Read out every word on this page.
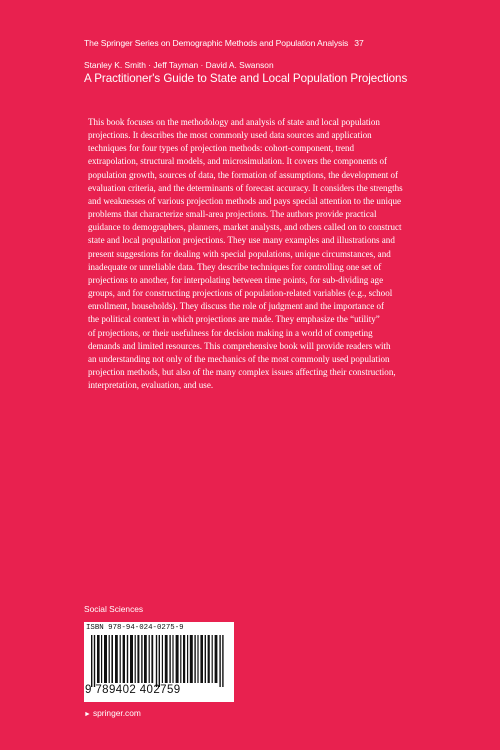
The Springer Series on Demographic Methods and Population Analysis 37
Stanley K. Smith · Jeff Tayman · David A. Swanson
A Practitioner's Guide to State and Local Population Projections
This book focuses on the methodology and analysis of state and local population
projections. It describes the most commonly used data sources and application
techniques for four types of projection methods: cohort-component, trend
extrapolation, structural models, and microsimulation. It covers the components of
population growth, sources of data, the formation of assumptions, the development of
evaluation criteria, and the determinants of forecast accuracy. It considers the strengths
and weaknesses of various projection methods and pays special attention to the unique
problems that characterize small-area projections. The authors provide practical
guidance to demographers, planners, market analysts, and others called on to construct
state and local population projections. They use many examples and illustrations and
present suggestions for dealing with special populations, unique circumstances, and
inadequate or unreliable data. They describe techniques for controlling one set of
projections to another, for interpolating between time points, for sub-dividing age
groups, and for constructing projections of population-related variables (e.g., school
enrollment, households). They discuss the role of judgment and the importance of
the political context in which projections are made. They emphasize the “utility”
of projections, or their usefulness for decision making in a world of competing
demands and limited resources. This comprehensive book will provide readers with
an understanding not only of the mechanics of the most commonly used population
projection methods, but also of the many complex issues affecting their construction,
interpretation, evaluation, and use.
Social Sciences
ISBN 978-94-024-0275-9
9 789402 402759
► springer.com
